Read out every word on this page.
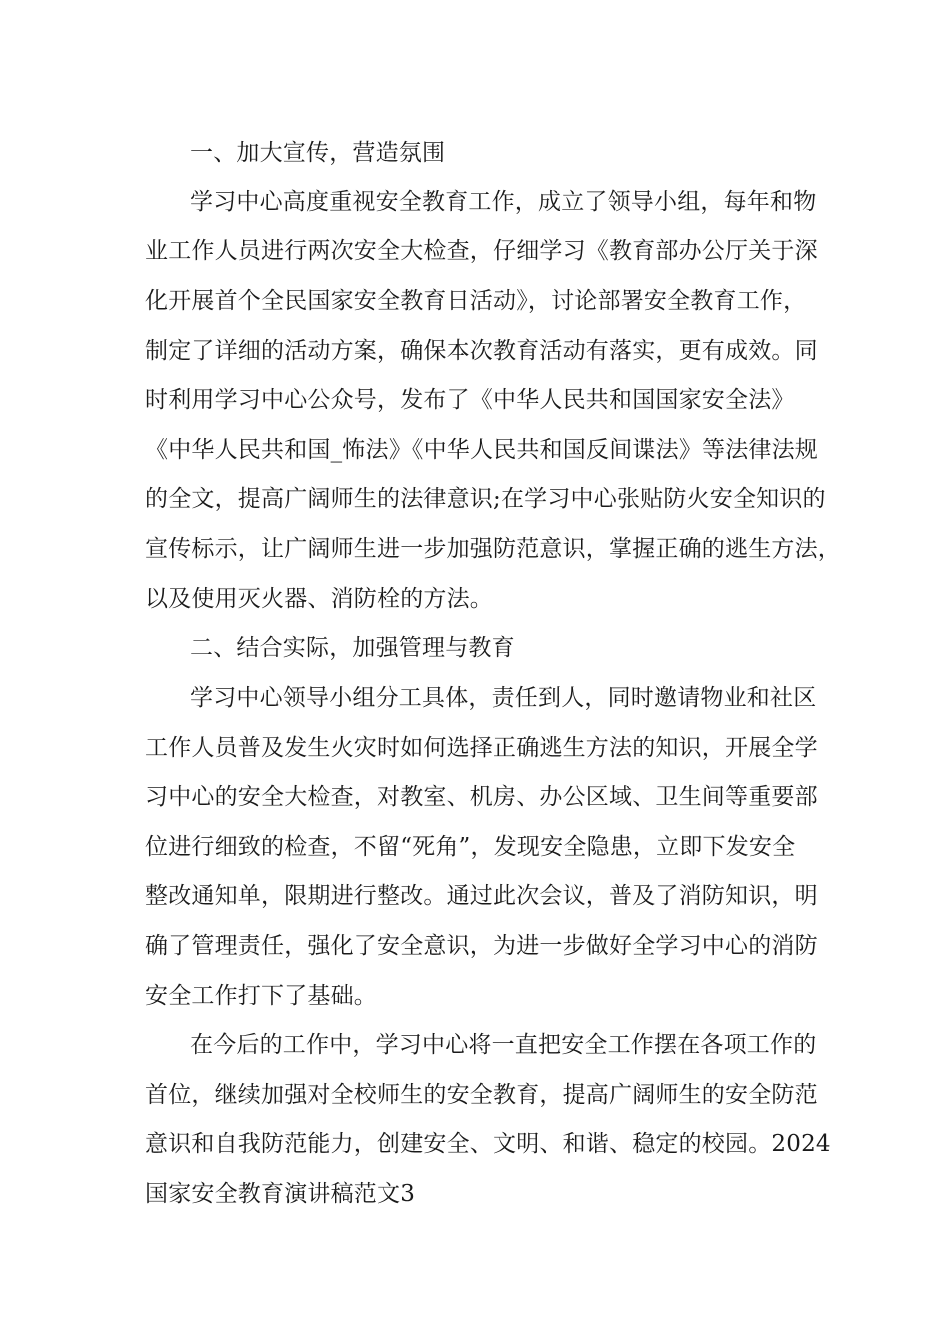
一、加大宣传，营造氛围
学习中心高度重视安全教育工作，成立了领导小组，每年和物
业工作人员进行两次安全大检查，仔细学习《教育部办公厅关于深
化开展首个全民国家安全教育日活动》，讨论部署安全教育工作，
制定了详细的活动方案，确保本次教育活动有落实，更有成效。同
时利用学习中心公众号，发布了《中华人民共和国国家安全法》
《中华人民共和国_怖法》《中华人民共和国反间谍法》等法律法规
的全文，提高广阔师生的法律意识;在学习中心张贴防火安全知识的
宣传标示，让广阔师生进一步加强防范意识，掌握正确的逃生方法，
以及使用灭火器、消防栓的方法。
二、结合实际，加强管理与教育
学习中心领导小组分工具体，责任到人，同时邀请物业和社区
工作人员普及发生火灾时如何选择正确逃生方法的知识，开展全学
习中心的安全大检查，对教室、机房、办公区域、卫生间等重要部
位进行细致的检查，不留“死角”，发现安全隐患，立即下发安全
整改通知单，限期进行整改。通过此次会议，普及了消防知识，明
确了管理责任，强化了安全意识，为进一步做好全学习中心的消防
安全工作打下了基础。
在今后的工作中，学习中心将一直把安全工作摆在各项工作的
首位，继续加强对全校师生的安全教育，提高广阔师生的安全防范
意识和自我防范能力，创建安全、文明、和谐、稳定的校园。2024
国家安全教育演讲稿范文3
